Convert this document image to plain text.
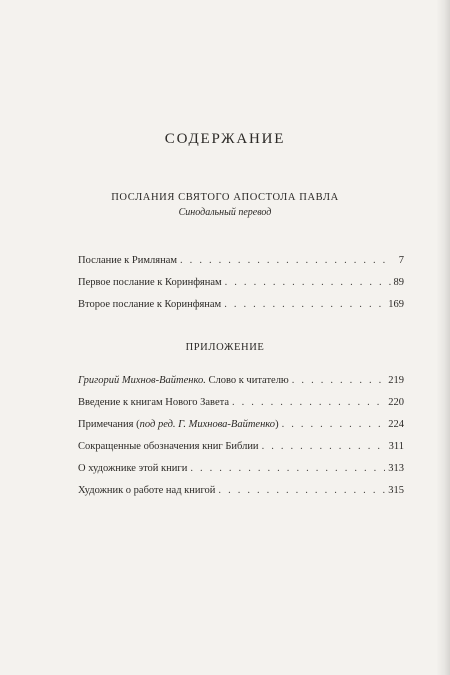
СОДЕРЖАНИЕ
ПОСЛАНИЯ СВЯТОГО АПОСТОЛА ПАВЛА
Синодальный перевод
Послание к Римлянам . . .	7
Первое послание к Коринфянам . . .	89
Второе послание к Коринфянам . . .	169
ПРИЛОЖЕНИЕ
Григорий Михнов-Вайтенко. Слово к читателю . . .	219
Введение к книгам Нового Завета . . .	220
Примечания (под ред. Г. Михнова-Вайтенко) . . .	224
Сокращенные обозначения книг Библии . . .	311
О художнике этой книги . . .	313
Художник о работе над книгой . . .	315
